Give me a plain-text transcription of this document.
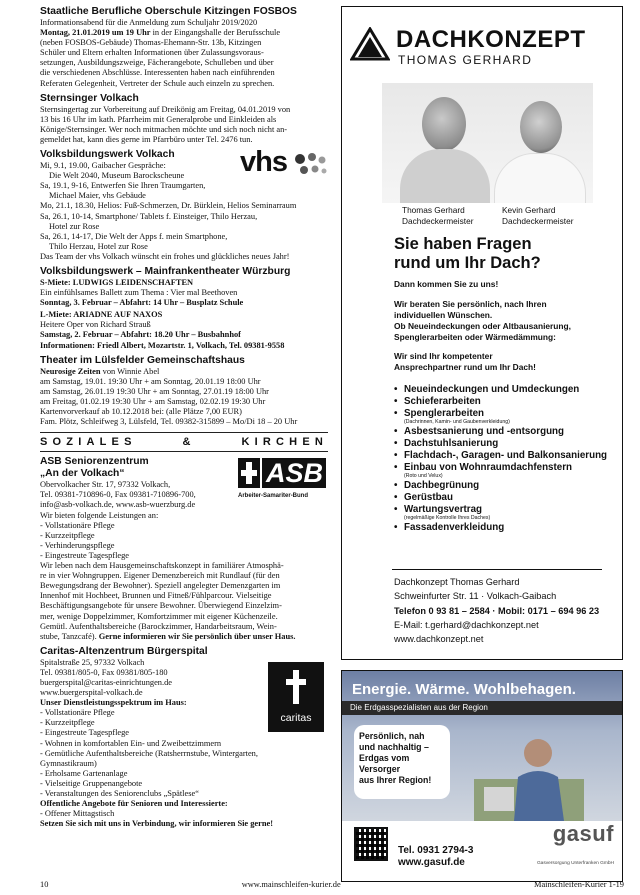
Staatliche Berufliche Oberschule Kitzingen FOSBOS
Informationsabend für die Anmeldung zum Schuljahr 2019/2020
Montag, 21.01.2019 um 19 Uhr in der Eingangshalle der Berufsschule
(neben FOSBOS-Gebäude) Thomas-Ehemann-Str. 13b, Kitzingen
Schüler und Eltern erhalten Informationen über Zulassungsvoraus-
setzungen, Ausbildungszweige, Fächerangebote, Schulleben und über
die verschiedenen Abschlüsse. Interessenten haben nach einführenden
Referaten Gelegenheit, Vertreter der Schule auch einzeln zu sprechen.
Sternsinger Volkach
Sternsingertag zur Vorbereitung auf Dreikönig am Freitag, 04.01.2019 von
13 bis 16 Uhr im kath. Pfarrheim mit Generalprobe und Einkleiden als
Könige/Sternsinger. Wer noch mitmachen möchte und sich noch nicht an-
gemeldet hat, kann dies gerne im Pfarrbüro unter Tel. 2476 tun.
Volksbildungswerk Volkach	vhs
Mi, 9.1, 19.00, Gaibacher Gespräche:
Die Welt 2040, Museum Barockscheune
Sa, 19.1, 9-16, Entwerfen Sie Ihren Traumgarten,
Michael Maier, vhs Gebäude
Mo, 21.1, 18.30, Helios: Fuß-Schmerzen, Dr. Bürklein, Helios Seminarraum
Sa, 26.1, 10-14, Smartphone/ Tablets f. Einsteiger, Thilo Herzau,
Hotel zur Rose
Sa, 26.1, 14-17, Die Welt der Apps f. mein Smartphone,
Thilo Herzau, Hotel zur Rose
Das Team der vhs Volkach wünscht ein frohes und glückliches neues Jahr!
Volksbildungswerk – Mainfrankentheater Würzburg
S-Miete: LUDWIGS LEIDENSCHAFTEN
Ein einfühlsames Ballett zum Thema : Vier mal Beethoven
Sonntag, 3. Februar – Abfahrt: 14 Uhr – Busplatz Schule
L-Miete: ARIADNE AUF NAXOS
Heitere Oper von Richard Strauß
Samstag, 2. Februar – Abfahrt: 18.20 Uhr – Busbahnhof
Informationen: Friedl Albert, Mozartstr. 1, Volkach, Tel. 09381-9558
Theater im Lülsfelder Gemeinschaftshaus
Neurosige Zeiten von Winnie Abel
am Samstag, 19.01. 19:30 Uhr + am Sonntag, 20.01.19 18:00 Uhr
am Samstag, 26.01.19 19:30 Uhr + am Sonntag, 27.01.19 18:00 Uhr
am Freitag, 01.02.19 19:30 Uhr + am Samstag, 02.02.19 19:30 Uhr
Kartenvorverkauf ab 10.12.2018 bei: (alle Plätze 7,00 EUR)
Fam. Plötz, Schleifweg 3, Lülsfeld, Tel. 09382-315899 – Mo/Di 18 – 20 Uhr
SOZIALES	&	KIRCHEN
ASB Seniorenzentrum
„An der Volkach“	ASB
Arbeiter-Samariter-Bund
Obervolkacher Str. 17, 97332 Volkach,
Tel. 09381-710896-0, Fax 09381-710896-700,
info@asb-volkach.de, www.asb-wuerzburg.de
Wir bieten folgende Leistungen an:
- Vollstationäre Pflege
- Kurzzeitpflege
- Verhinderungspflege
- Eingestreute Tagespflege
Wir leben nach dem Hausgemeinschaftskonzept in familiärer Atmosphä-
re in vier Wohngruppen. Eigener Demenzbereich mit Rundlauf (für den
Bewegungsdrang der Bewohner). Speziell angelegter Demenzgarten im
Innenhof mit Hochbeet, Brunnen und Fitneß/Fühlparcour. Vielseitige
Beschäftigungsangebote für unsere Bewohner. Überwiegend Einzelzim-
mer, wenige Doppelzimmer, Komfortzimmer mit eigener Küchenzeile.
Gemütl. Aufenthaltsbereiche (Barockzimmer, Handarbeitsraum, Wein-
stube, Tanzcafé). Gerne informieren wir Sie persönlich über unser Haus.
Caritas-Altenzentrum Bürgerspital
caritas
Spitalstraße 25, 97332 Volkach
Tel. 09381/805-0, Fax 09381/805-180
buergerspital@caritas-einrichtungen.de
www.buergerspital-volkach.de
Unser Dienstleistungsspektrum im Haus:
- Vollstationäre Pflege
- Kurzzeitpflege
- Eingestreute Tagespflege
- Wohnen in komfortablen Ein- und Zweibettzimmern
- Gemütliche Aufenthaltsbereiche (Ratsherrnstube, Wintergarten,
Gymnastikraum)
- Erholsame Gartenanlage
- Vielseitige Gruppenangebote
- Veranstaltungen des Seniorenclubs „Spätlese“
Offentliche Angebote für Senioren und Interessierte:
- Offener Mittagstisch
Setzen Sie sich mit uns in Verbindung, wir informieren Sie gerne!
DACHKONZEPT
THOMAS GERHARD
Thomas Gerhard
Dachdeckermeister
Kevin Gerhard
Dachdeckermeister
Sie haben Fragen
rund um Ihr Dach?
Dann kommen Sie zu uns!
Wir beraten Sie persönlich, nach Ihren
individuellen Wünschen.
Ob Neueindeckungen oder Altbausanierung,
Spenglerarbeiten oder Wärmedämmung:
Wir sind Ihr kompetenter
Ansprechpartner rund um Ihr Dach!
• Neueindeckungen und Umdeckungen
• Schieferarbeiten
• Spenglerarbeiten
(Dachrinnen, Kamin- und Gaubenverkleidung)
• Asbestsanierung und -entsorgung
• Dachstuhlsanierung
• Flachdach-, Garagen- und Balkonsanierung
• Einbau von Wohnraumdachfenstern
(Roto und Velux)
• Dachbegrünung
• Gerüstbau
• Wartungsvertrag
(regelmäßige Kontrolle Ihres Daches)
• Fassadenverkleidung
Dachkonzept Thomas Gerhard
Schweinfurter Str. 11 · Volkach-Gaibach
Telefon 0 93 81 – 2584 · Mobil: 0171 – 694 96 23
E-Mail: t.gerhard@dachkonzept.net
www.dachkonzept.net
Energie. Wärme. Wohlbehagen.
Die Erdgasspezialisten aus der Region
Persönlich, nah
und nachhaltig –
Erdgas vom Versorger
aus Ihrer Region!
Tel. 0931 2794-3
www.gasuf.de
gasuf
Gasversorgung Unterfranken GmbH
10	www.mainschleifen-kurier.de	Mainschleifen-Kurier 1-19
